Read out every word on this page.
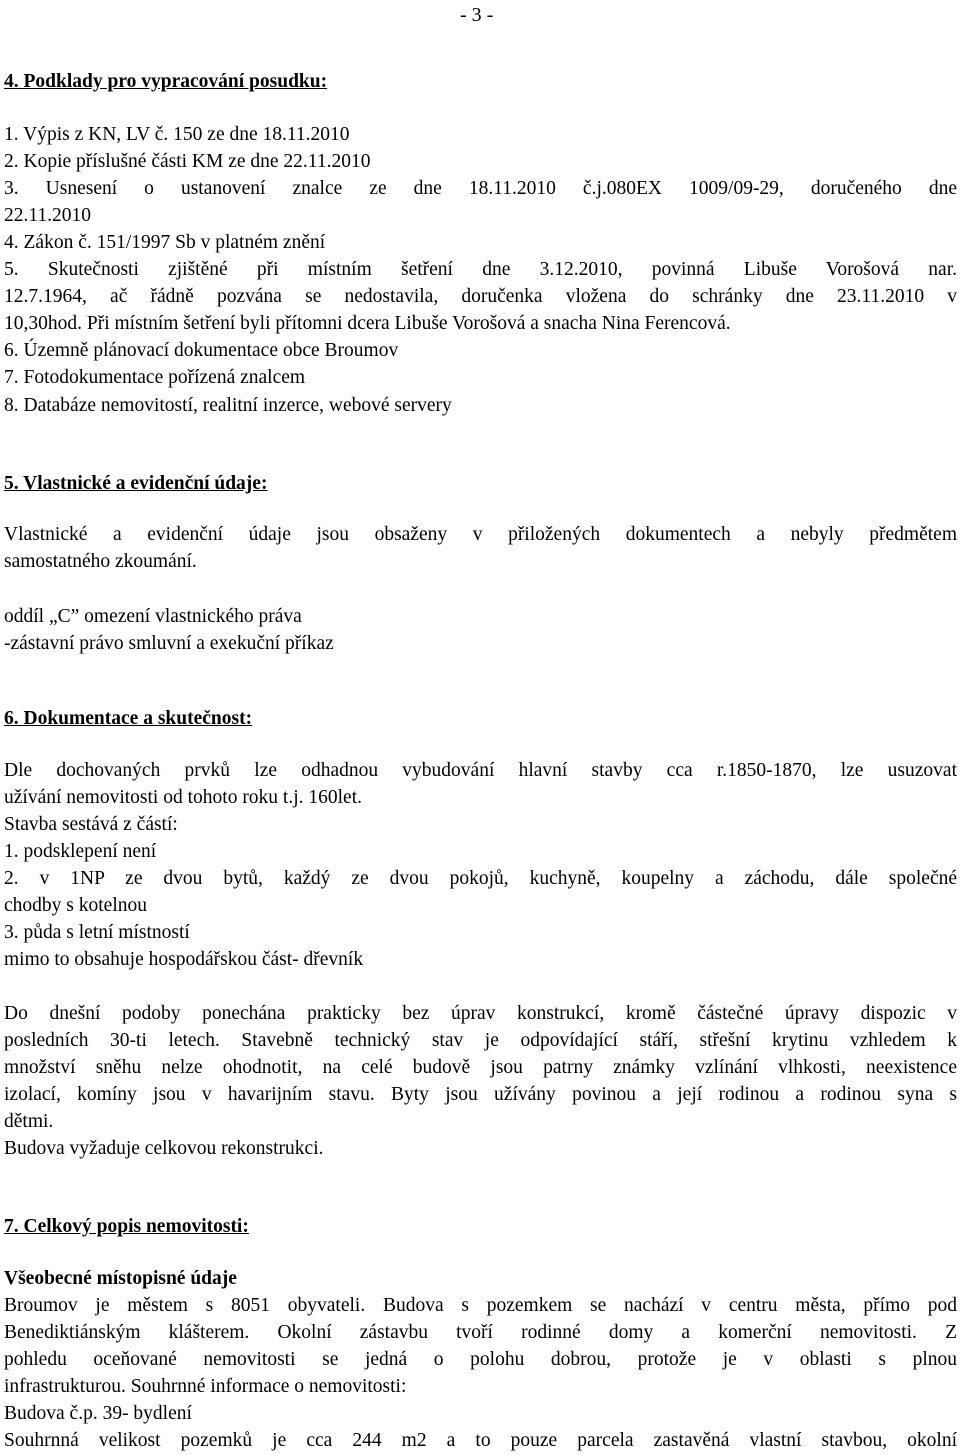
- 3 -
4. Podklady pro vypracování posudku:
1. Výpis z KN, LV č. 150 ze dne 18.11.2010
2. Kopie příslušné části KM ze dne 22.11.2010
3. Usnesení o ustanovení znalce ze dne 18.11.2010 č.j.080EX 1009/09-29, doručeného dne
22.11.2010
4. Zákon č. 151/1997 Sb v platném znění
5. Skutečnosti zjištěné při místním šetření dne 3.12.2010, povinná Libuše Vorošová nar.
12.7.1964, ač řádně pozvána se nedostavila, doručenka vložena do schránky dne 23.11.2010 v
10,30hod. Při místním šetření byli přítomni dcera Libuše Vorošová a snacha Nina Ferencová.
6. Územně plánovací dokumentace obce Broumov
7. Fotodokumentace pořízená znalcem
8. Databáze nemovitostí, realitní inzerce, webové servery
5. Vlastnické a evidenční údaje:
Vlastnické a evidenční údaje jsou obsaženy v přiložených dokumentech a nebyly předmětem
samostatného zkoumání.
oddíl „C” omezení vlastnického práva
-zástavní právo smluvní a exekuční příkaz
6. Dokumentace a skutečnost:
Dle dochovaných prvků lze odhadnou vybudování hlavní stavby cca r.1850-1870, lze usuzovat
užívání nemovitosti od tohoto roku t.j. 160let.
Stavba sestává z částí:
1. podsklepení není
2. v 1NP ze dvou bytů, každý ze dvou pokojů, kuchyně, koupelny a záchodu, dále společné
chodby s kotelnou
3. půda s letní místností
mimo to obsahuje hospodářskou část- dřevník
Do dnešní podoby ponechána prakticky bez úprav konstrukcí, kromě částečné úpravy dispozic v
posledních 30-ti letech. Stavebně technický stav je odpovídající stáří, střešní krytinu vzhledem k
množství sněhu nelze ohodnotit, na celé budově jsou patrny známky vzlínání vlhkosti, neexistence
izolací, komíny jsou v havarijním stavu. Byty jsou užívány povinou a její rodinou a rodinou syna s
dětmi.
Budova vyžaduje celkovou rekonstrukci.
7. Celkový popis nemovitosti:
Všeobecné místopisné údaje
Broumov je městem s 8051 obyvateli. Budova s pozemkem se nachází v centru města, přímo pod
Benediktiánským klášterem. Okolní zástavbu tvoří rodinné domy a komerční nemovitosti. Z
pohledu oceňované nemovitosti se jedná o polohu dobrou, protože je v oblasti s plnou
infrastrukturou. Souhrnné informace o nemovitosti:
Budova č.p. 39- bydlení
Souhrnná velikost pozemků je cca 244 m2 a to pouze parcela zastavěná vlastní stavbou, okolní
